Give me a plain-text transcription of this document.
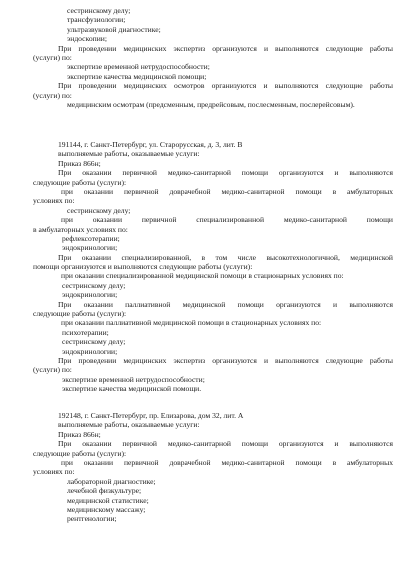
сестринскому делу;
трансфузиологии;
ультразвуковой диагностике;
эндоскопии;
При проведении медицинских экспертиз организуются и выполняются следующие работы
(услуги) по:
экспертизе временной нетрудоспособности;
экспертизе качества медицинской помощи;
При проведении медицинских осмотров организуются и выполняются следующие работы
(услуги) по:
медицинским осмотрам (предсменным, предрейсовым, послесменным, послерейсовым).
191144, г. Санкт-Петербург, ул. Старорусская, д. 3, лит. В
выполняемые работы, оказываемые услуги:
Приказ 866н;
При оказании первичной медико-санитарной помощи организуются и выполняются
следующие работы (услуги):
при оказании первичной доврачебной медико-санитарной помощи в амбулаторных
условиях по:
сестринскому делу;
при оказании первичной специализированной медико-санитарной помощи
в амбулаторных условиях по:
рефлексотерапии;
эндокринологии;
При оказании специализированной, в том числе высокотехнологичной, медицинской
помощи организуются и выполняются следующие работы (услуги):
при оказании специализированной медицинской помощи в стационарных условиях по:
сестринскому делу;
эндокринологии;
При оказании паллиативной медицинской помощи организуются и выполняются
следующие работы (услуги):
при оказании паллиативной медицинской помощи в стационарных условиях по:
психотерапии;
сестринскому делу;
эндокринологии;
При проведении медицинских экспертиз организуются и выполняются следующие работы
(услуги) по:
экспертизе временной нетрудоспособности;
экспертизе качества медицинской помощи.
192148, г. Санкт-Петербург, пр. Елизарова, дом 32, лит. А
выполняемые работы, оказываемые услуги:
Приказ 866н;
При оказании первичной медико-санитарной помощи организуются и выполняются
следующие работы (услуги):
при оказании первичной доврачебной медико-санитарной помощи в амбулаторных
условиях по:
лабораторной диагностике;
лечебной физкультуре;
медицинской статистике;
медицинскому массажу;
рентгенологии;
